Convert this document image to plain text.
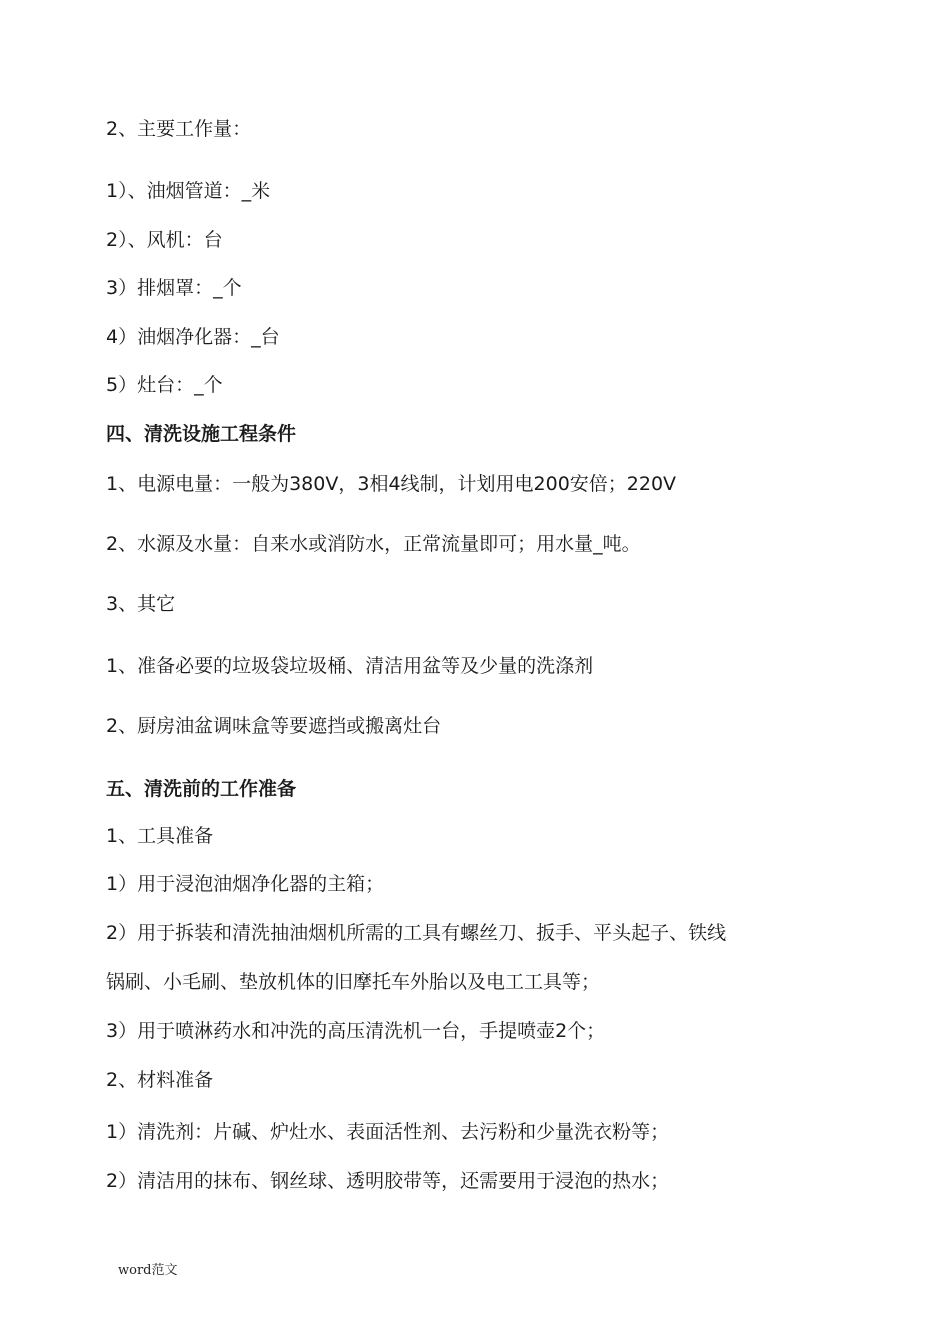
2、主要工作量：
1）、油烟管道：_米
2）、风机：台
3）排烟罩：_个
4）油烟净化器：_台
5）灶台：_个
四、清洗设施工程条件
1、电源电量：一般为380V，3相4线制，计划用电200安倍；220V
2、水源及水量：自来水或消防水，正常流量即可；用水量_吨。
3、其它
1、准备必要的垃圾袋垃圾桶、清洁用盆等及少量的洗涤剂
2、厨房油盆调味盒等要遮挡或搬离灶台
五、清洗前的工作准备
1、工具准备
1）用于浸泡油烟净化器的主箱；
2）用于拆装和清洗抽油烟机所需的工具有螺丝刀、扳手、平头起子、铁线
锅刷、小毛刷、垫放机体的旧摩托车外胎以及电工工具等；
3）用于喷淋药水和冲洗的高压清洗机一台，手提喷壶2个；
2、材料准备
1）清洗剂：片碱、炉灶水、表面活性剂、去污粉和少量洗衣粉等；
2）清洁用的抹布、钢丝球、透明胶带等，还需要用于浸泡的热水；
word范文
